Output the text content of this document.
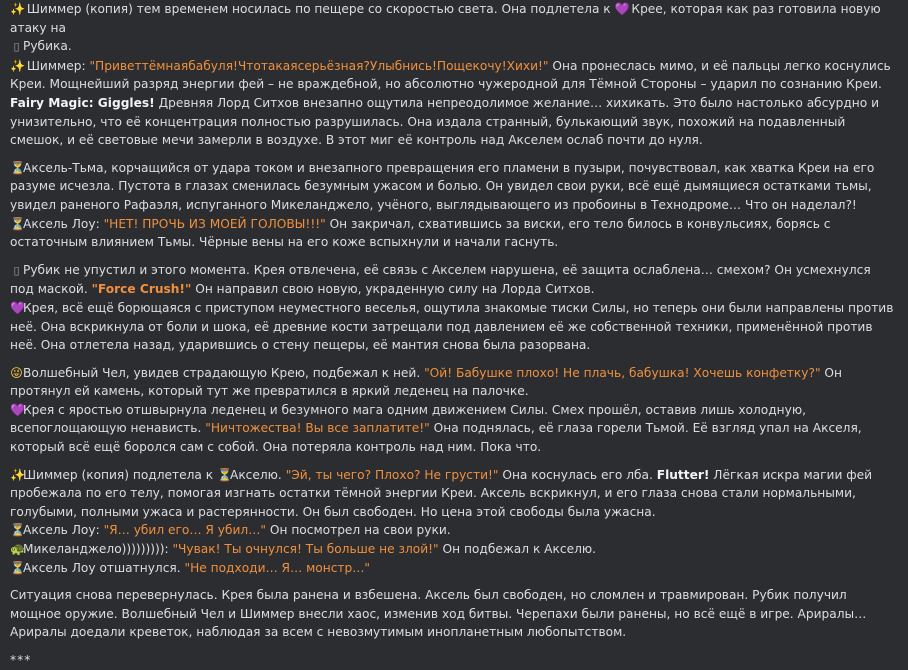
✨ Шиммер (копия) тем временем носилась по пещере со скоростью света. Она подлетела к 💜 Крее, которая как раз готовила новую атаку на
▯ Рубика.

✨ Шиммер: "Приветтёмнаябабуля!Чтотакаясерьёзная?Улыбнись!Пощекочу!Хихи!" Она пронеслась мимо, и её пальцы легко коснулись Креи. Мощнейший разряд энергии фей – не враждебной, но абсолютно чужеродной для Тёмной Стороны – ударил по сознанию Креи. Fairy Magic: Giggles! Древняя Лорд Ситхов внезапно ощутила непреодолимое желание… хихикать. Это было настолько абсурдно и унизительно, что её концентрация полностью разрушилась. Она издала странный, булькающий звук, похожий на подавленный смешок, и её световые мечи замерли в воздухе. В этот миг её контроль над Акселем ослаб почти до нуля.

⏳Аксель-Тьма, корчащийся от удара током и внезапного превращения его пламени в пузыри, почувствовал, как хватка Креи на его разуме исчезла. Пустота в глазах сменилась безумным ужасом и болью. Он увидел свои руки, всё ещё дымящиеся остатками тьмы, увидел раненого Рафаэля, испуганного Микеланджело, учёного, выглядывающего из пробоины в Технодроме… Что он наделал?!

⏳Аксель Лоу: "НЕТ! ПРОЧЬ ИЗ МОЕЙ ГОЛОВЫ!!!" Он закричал, схватившись за виски, его тело билось в конвульсиях, борясь с остаточным влиянием Тьмы. Чёрные вены на его коже вспыхнули и начали гаснуть.

▯ Рубик не упустил и этого момента. Крея отвлечена, её связь с Акселем нарушена, её защита ослаблена… смехом? Он усмехнулся под маской. "Force Crush!" Он направил свою новую, украденную силу на Лорда Ситхов.

💜Крея, всё ещё борющаяся с приступом неуместного веселья, ощутила знакомые тиски Силы, но теперь они были направлены против неё. Она вскрикнула от боли и шока, её древние кости затрещали под давлением её же собственной техники, применённой против неё. Она отлетела назад, ударившись о стену пещеры, её мантия снова была разорвана.

😜Волшебный Чел, увидев страдающую Крею, подбежал к ней. "Ой! Бабушке плохо! Не плачь, бабушка! Хочешь конфетку?" Он протянул ей камень, который тут же превратился в яркий леденец на палочке.

💜Крея с яростью отшвырнула леденец и безумного мага одним движением Силы. Смех прошёл, оставив лишь холодную, всепоглощающую ненависть. "Ничтожества! Вы все заплатите!" Она поднялась, её глаза горели Тьмой. Её взгляд упал на Акселя, который всё ещё боролся сам с собой. Она потеряла контроль над ним. Пока что.

✨Шиммер (копия) подлетела к ⏳Акселю. "Эй, ты чего? Плохо? Не грусти!" Она коснулась его лба. Flutter! Лёгкая искра магии фей пробежала по его телу, помогая изгнать остатки тёмной энергии Креи. Аксель вскрикнул, и его глаза снова стали нормальными, голубыми, полными ужаса и растерянности. Он был свободен. Но цена этой свободы была ужасна.

⏳Аксель Лоу: "Я… убил его… Я убил…" Он посмотрел на свои руки.

🐢Микеланджело))))))))): "Чувак! Ты очнулся! Ты больше не злой!" Он подбежал к Акселю.

⏳Аксель Лоу отшатнулся. "Не подходи… Я… монстр…"

Ситуация снова перевернулась. Крея была ранена и взбешена. Аксель был свободен, но сломлен и травмирован. Рубик получил мощное оружие. Волшебный Чел и Шиммер внесли хаос, изменив ход битвы. Черепахи были ранены, но всё ещё в игре. Арирaлы… Ариралы доедали креветок, наблюдая за всем с невозмутимым инопланетным любопытством.

***
